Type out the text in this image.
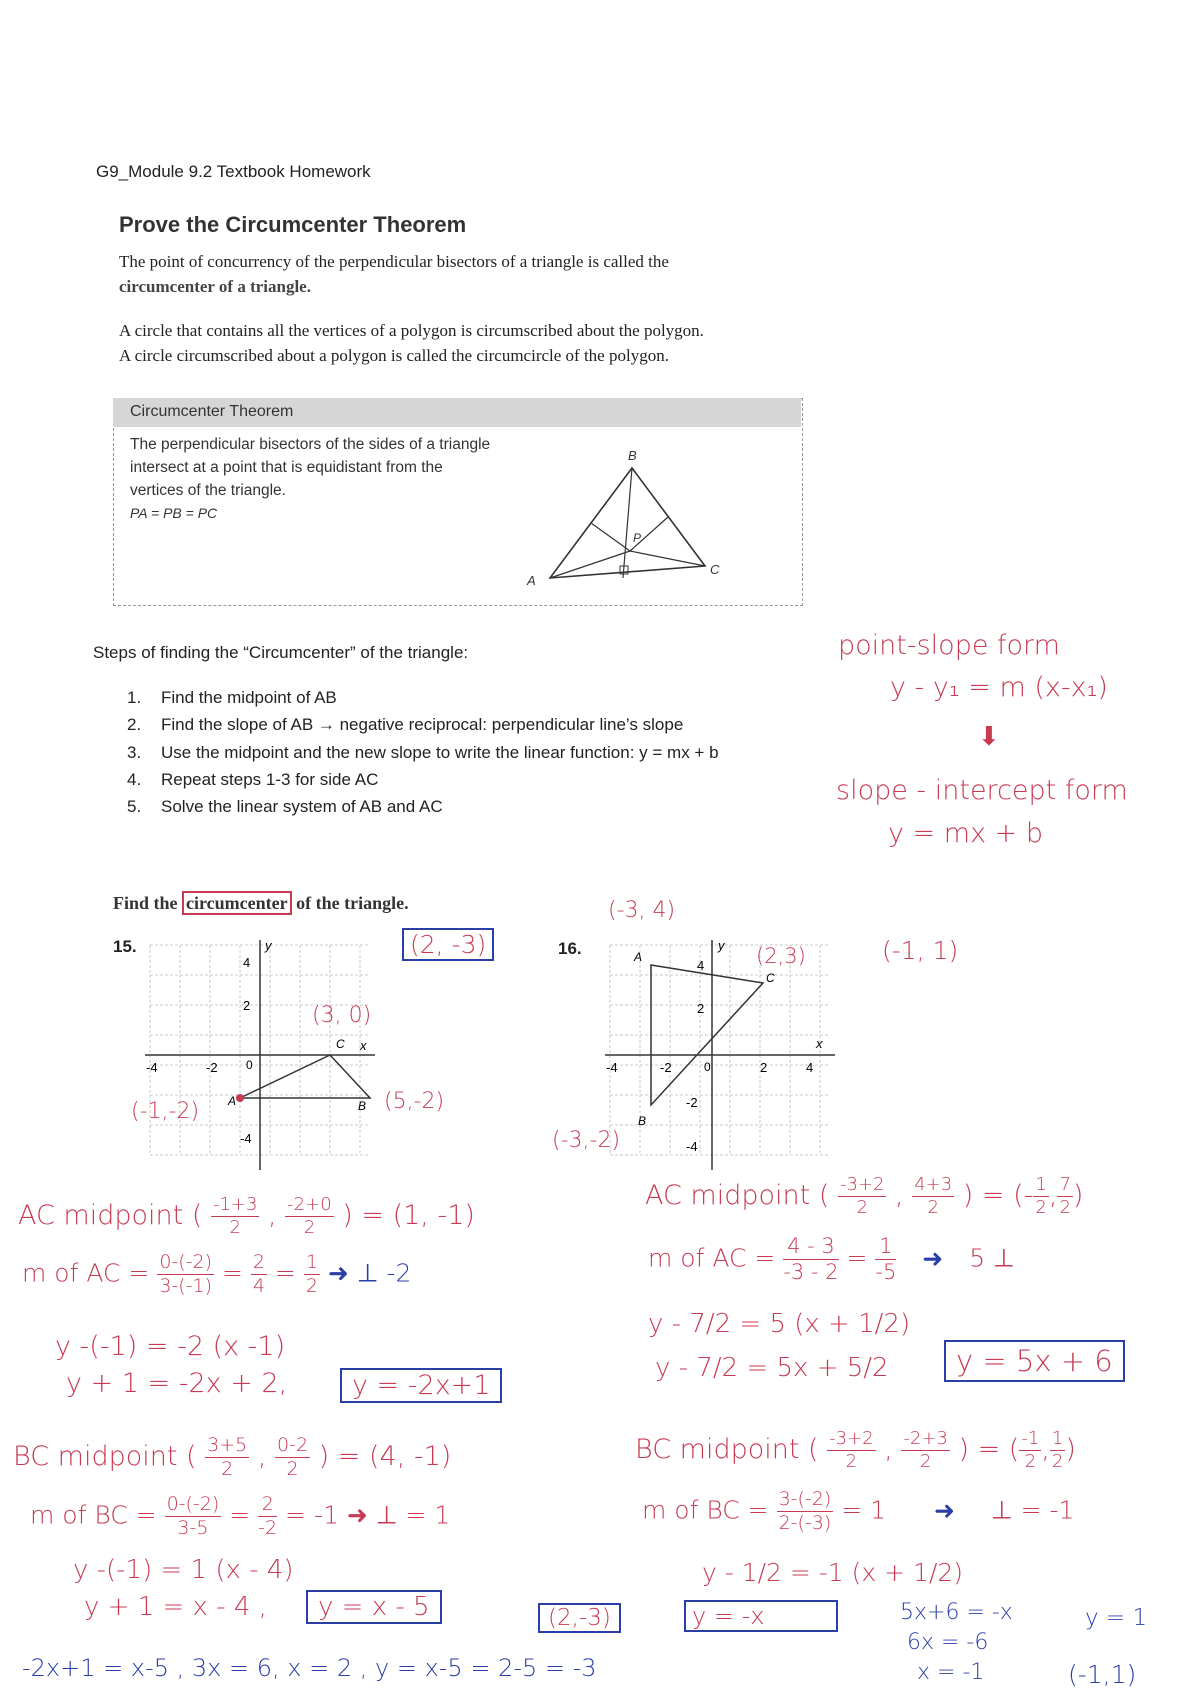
G9_Module 9.2 Textbook Homework
Prove the Circumcenter Theorem
The point of concurrency of the perpendicular bisectors of a triangle is called the
circumcenter of a triangle.
A circle that contains all the vertices of a polygon is circumscribed about the polygon.
A circle circumscribed about a polygon is called the circumcircle of the polygon.
Circumcenter Theorem
The perpendicular bisectors of the sides of a triangle
intersect at a point that is equidistant from the
vertices of the triangle.
PA = PB = PC
A
B
C
P
Steps of finding the “Circumcenter” of the triangle:
1. Find the midpoint of AB
2. Find the slope of AB → negative reciprocal: perpendicular line’s slope
3. Use the midpoint and the new slope to write the linear function: y = mx + b
4. Repeat steps 1-3 for side AC
5. Solve the linear system of AB and AC
point-slope form
y - y₁ = m (x-x₁)
⬇
slope - intercept form
y = mx + b
Find the circumcenter of the triangle.
15.	y
x
C
A	B
0
4
2
-4
-4	-2
(2, -3)
(3, 0)
(-1,-2)	(5,-2)
16.
(-3, 4)
y
x
C
A
B
0
4
2
-2
-4
-4	-2	2	4
(2,3)	(-1, 1)
(-3,-2)
AC midpoint ( $\frac{-1+3}{2}$ , $\frac{-2+0}{2}$ ) = (1, -1)
m of AC = $\frac{0-(-2)}{3-(-1)} = \frac{2}{4} = \frac{1}{2}$ ➜ ⊥ -2
y -(-1) = -2 (x -1)
y + 1 = -2x + 2,	y = -2x+1
BC midpoint ( $\frac{3+5}{2}$ , $\frac{0-2}{2}$ ) = (4, -1)
m of BC = $\frac{0-(-2)}{3-5} = \frac{2}{-2} = -1$ ➜ ⊥ = 1
y -(-1) = 1 (x - 4)
y + 1 = x - 4 ,	y = x - 5	(2,-3)
-2x+1 = x-5 , 3x = 6, x = 2 , y = x-5 = 2-5 = -3
AC midpoint ( $\frac{-3+2}{2}$ , $\frac{4+3}{2}$ ) = (- $\frac{1}{2}$ , $\frac{7}{2}$ )
m of AC = $\frac{4 - 3}{-3 - 2} = \frac{1}{-5}$ ➜ 5 ⊥
y - 7/2 = 5 (x + 1/2)
y - 7/2 = 5x + 5/2	y = 5x + 6
BC midpoint ( $\frac{-3+2}{2}$ , $\frac{-2+3}{2}$ ) = ( $\frac{-1}{2}$ , $\frac{1}{2}$ )
m of BC = $\frac{3-(-2)}{2-(-3)} = 1$ ➜ ⊥ = -1
y - 1/2 = -1 (x + 1/2)
y = -x	5x+6 = -x
6x = -6
x = -1
y = 1
(-1,1)
